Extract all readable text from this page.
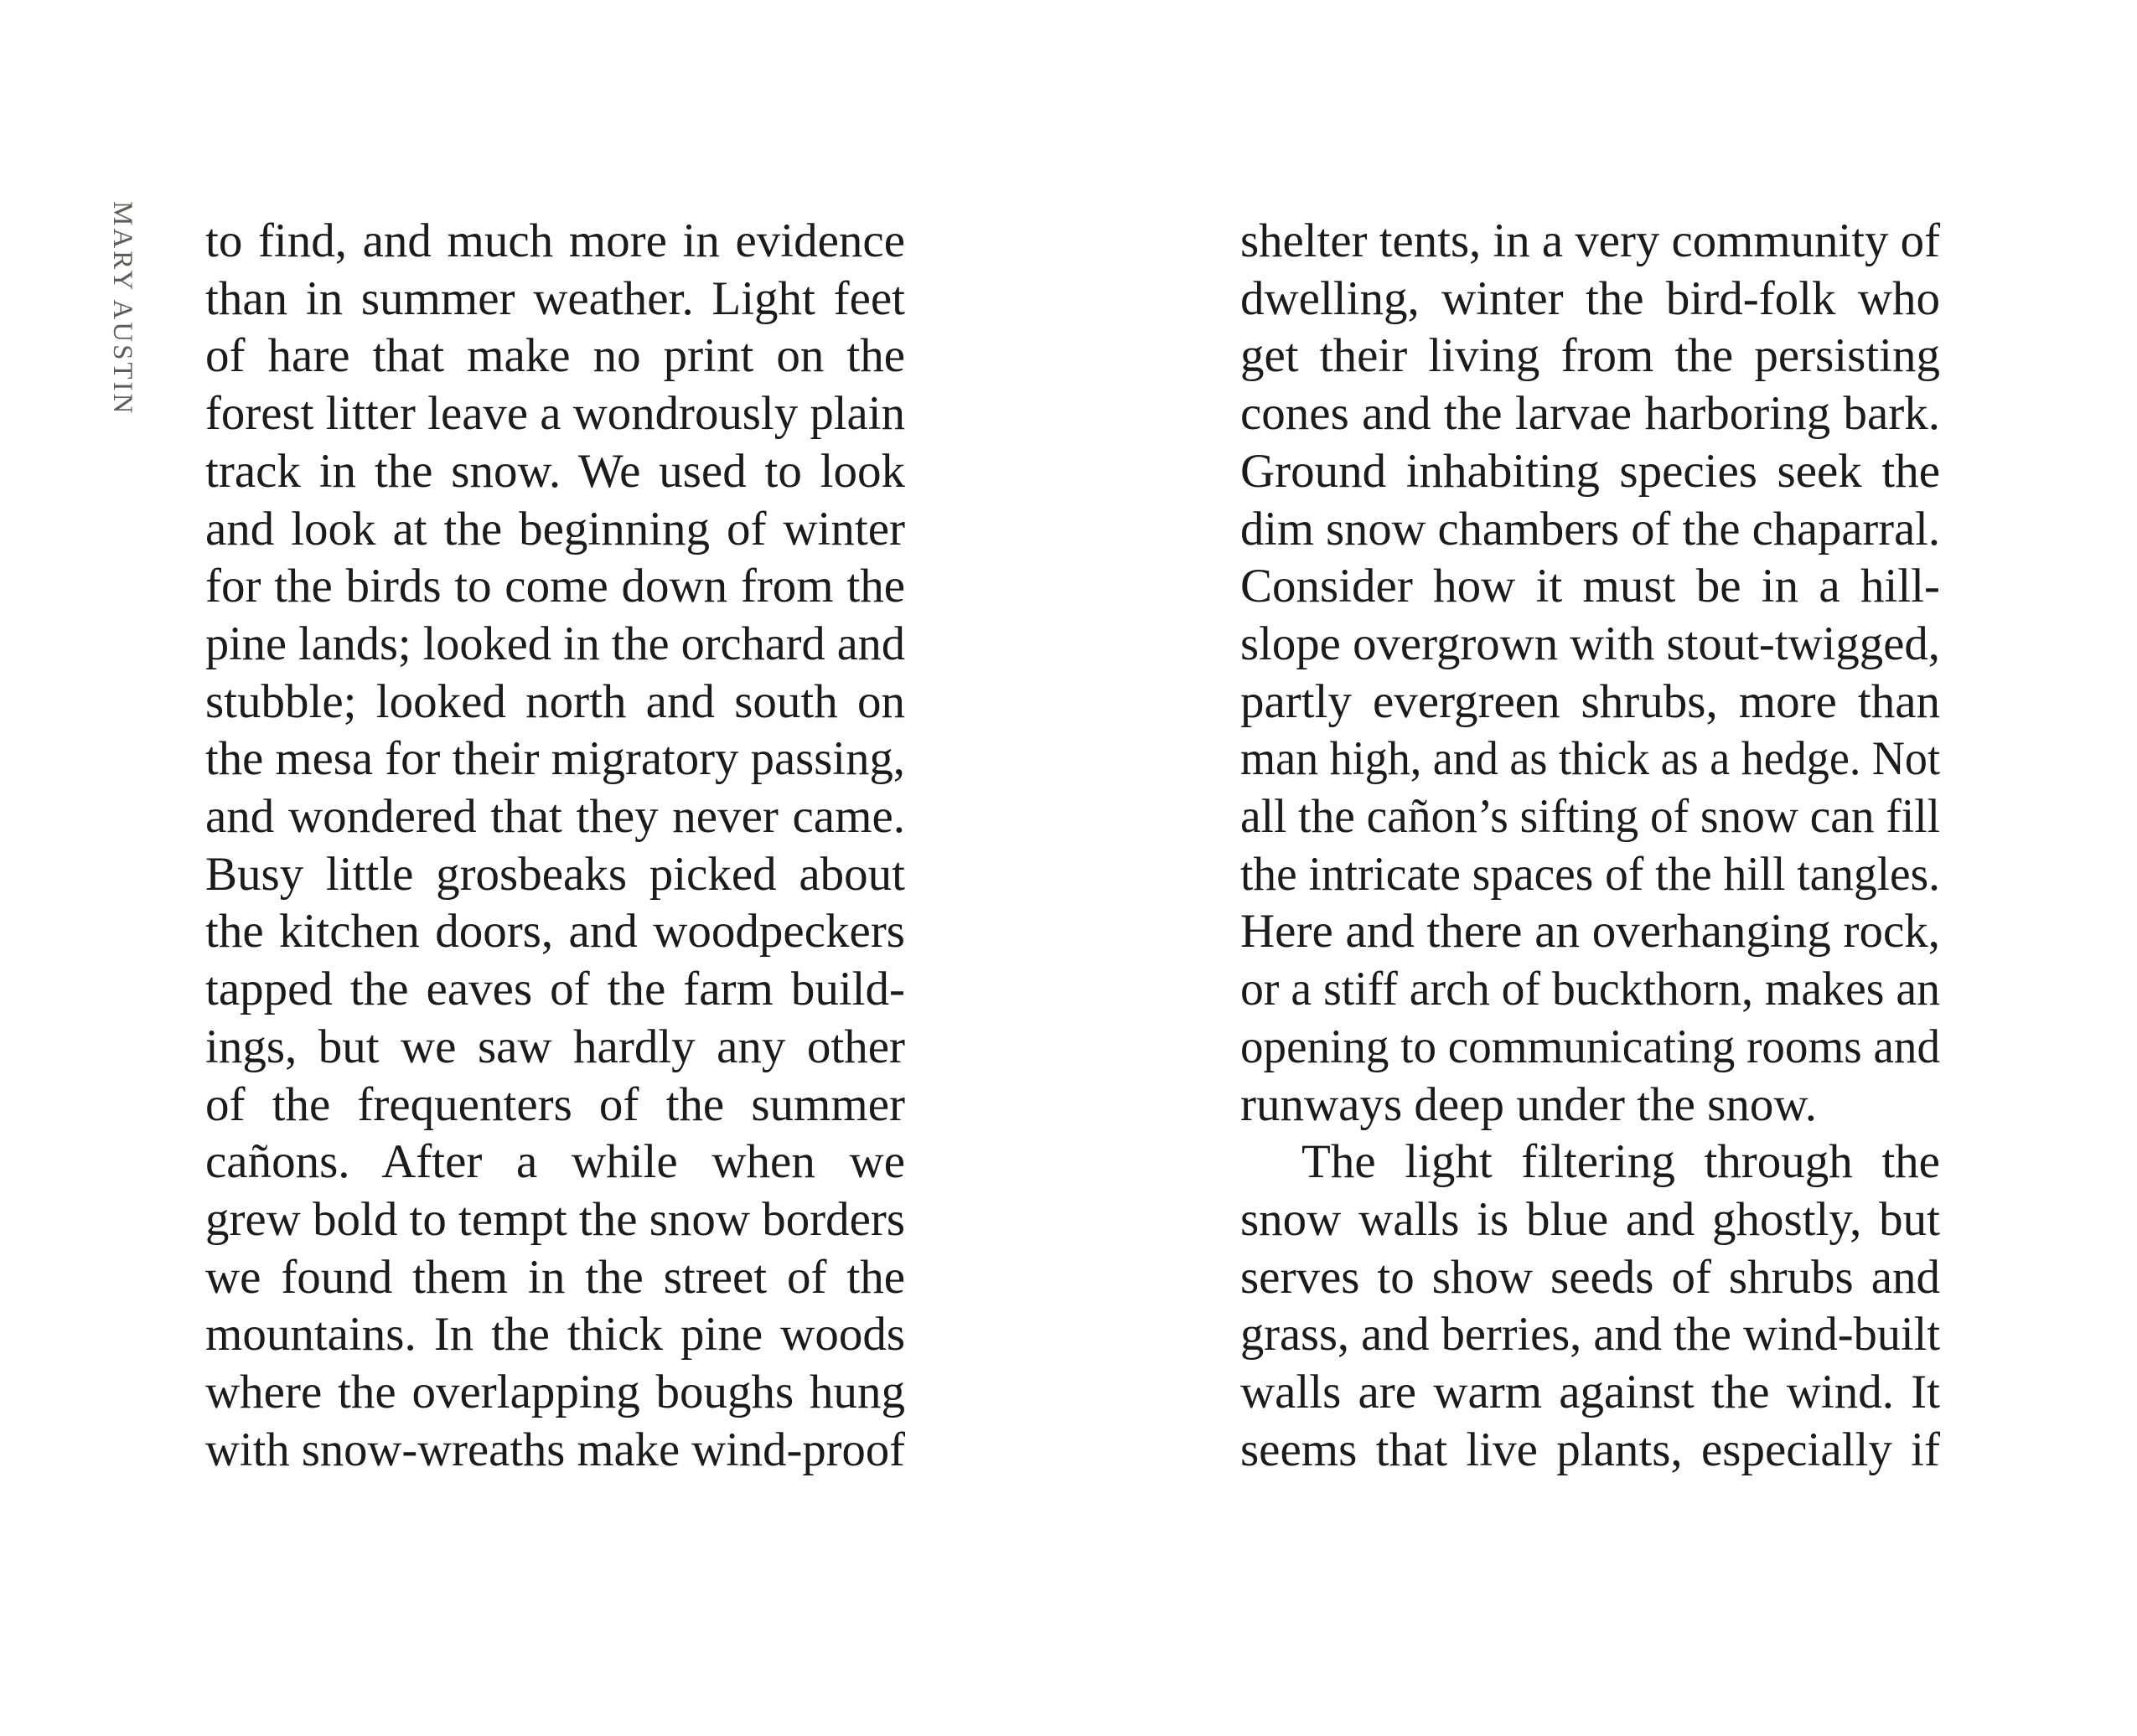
MARY AUSTIN to find, and much more in evidence
than in summer weather. Light feet
of hare that make no print on the
forest litter leave a wondrously plain
track in the snow. We used to look
and look at the beginning of winter
for the birds to come down from the
pine lands; looked in the orchard and
stubble; looked north and south on
the mesa for their migratory passing,
and wondered that they never came.
Busy little grosbeaks picked about
the kitchen doors, and woodpeckers
tapped the eaves of the farm build-
ings, but we saw hardly any other
of the frequenters of the summer
cañons. After a while when we
grew bold to tempt the snow borders
we found them in the street of the
mountains. In the thick pine woods
where the overlapping boughs hung
with snow-wreaths make wind-proof
shelter tents, in a very community of
dwelling, winter the bird-folk who
get their living from the persisting
cones and the larvae harboring bark.
Ground inhabiting species seek the
dim snow chambers of the chaparral.
Consider how it must be in a hill-
slope overgrown with stout-twigged,
partly evergreen shrubs, more than
man high, and as thick as a hedge. Not
all the cañon’s sifting of snow can fill
the intricate spaces of the hill tangles.
Here and there an overhanging rock,
or a stiff arch of buckthorn, makes an
opening to communicating rooms and
runways deep under the snow.
The light filtering through the
snow walls is blue and ghostly, but
serves to show seeds of shrubs and
grass, and berries, and the wind-built
walls are warm against the wind. It
seems that live plants, especially if
